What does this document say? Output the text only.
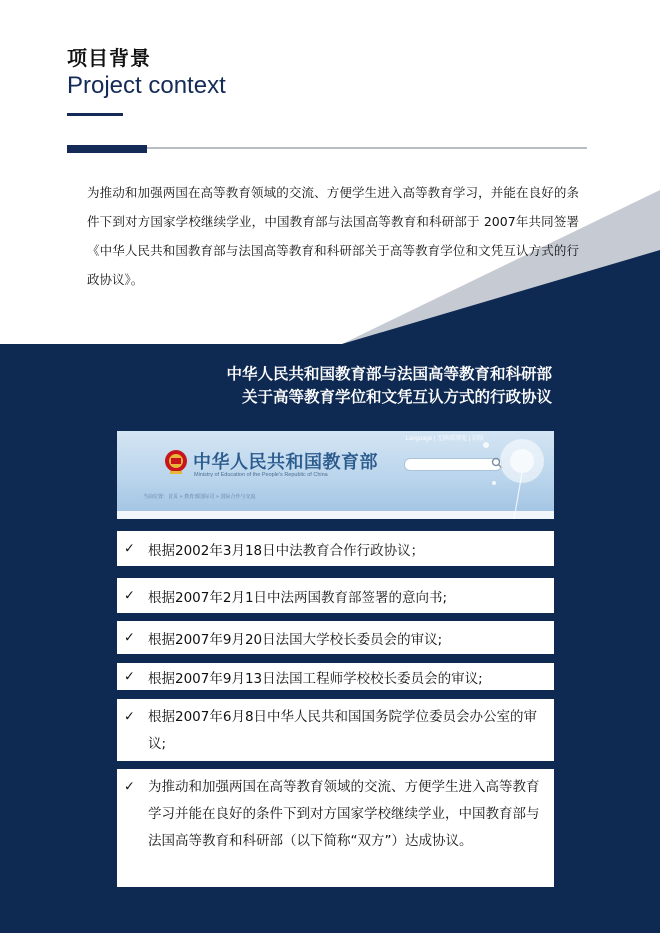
项目背景
Project context
为推动和加强两国在高等教育领域的交流、方便学生进入高等教育学习，并能在良好的条件下到对方国家学校继续学业，中国教育部与法国高等教育和科研部于 2007年共同签署《中华人民共和国教育部与法国高等教育和科研部关于高等教育学位和文凭互认方式的行政协议》。
中华人民共和国教育部与法国高等教育和科研部
关于高等教育学位和文凭互认方式的行政协议
Language | 无障碍浏览 | 旧版
中华人民共和国教育部
Ministry of Education of the People's Republic of China
当前位置：首页 » 教育部国际司 » 国际合作与交流
✓ 根据2002年3月18日中法教育合作行政协议；
✓ 根据2007年2月1日中法两国教育部签署的意向书;
✓ 根据2007年9月20日法国大学校长委员会的审议;
✓ 根据2007年9月13日法国工程师学校校长委员会的审议;
✓ 根据2007年6月8日中华人民共和国国务院学位委员会办公室的审议;
✓ 为推动和加强两国在高等教育领域的交流、方便学生进入高等教育学习并能在良好的条件下到对方国家学校继续学业，中国教育部与法国高等教育和科研部（以下简称“双方”）达成协议。
